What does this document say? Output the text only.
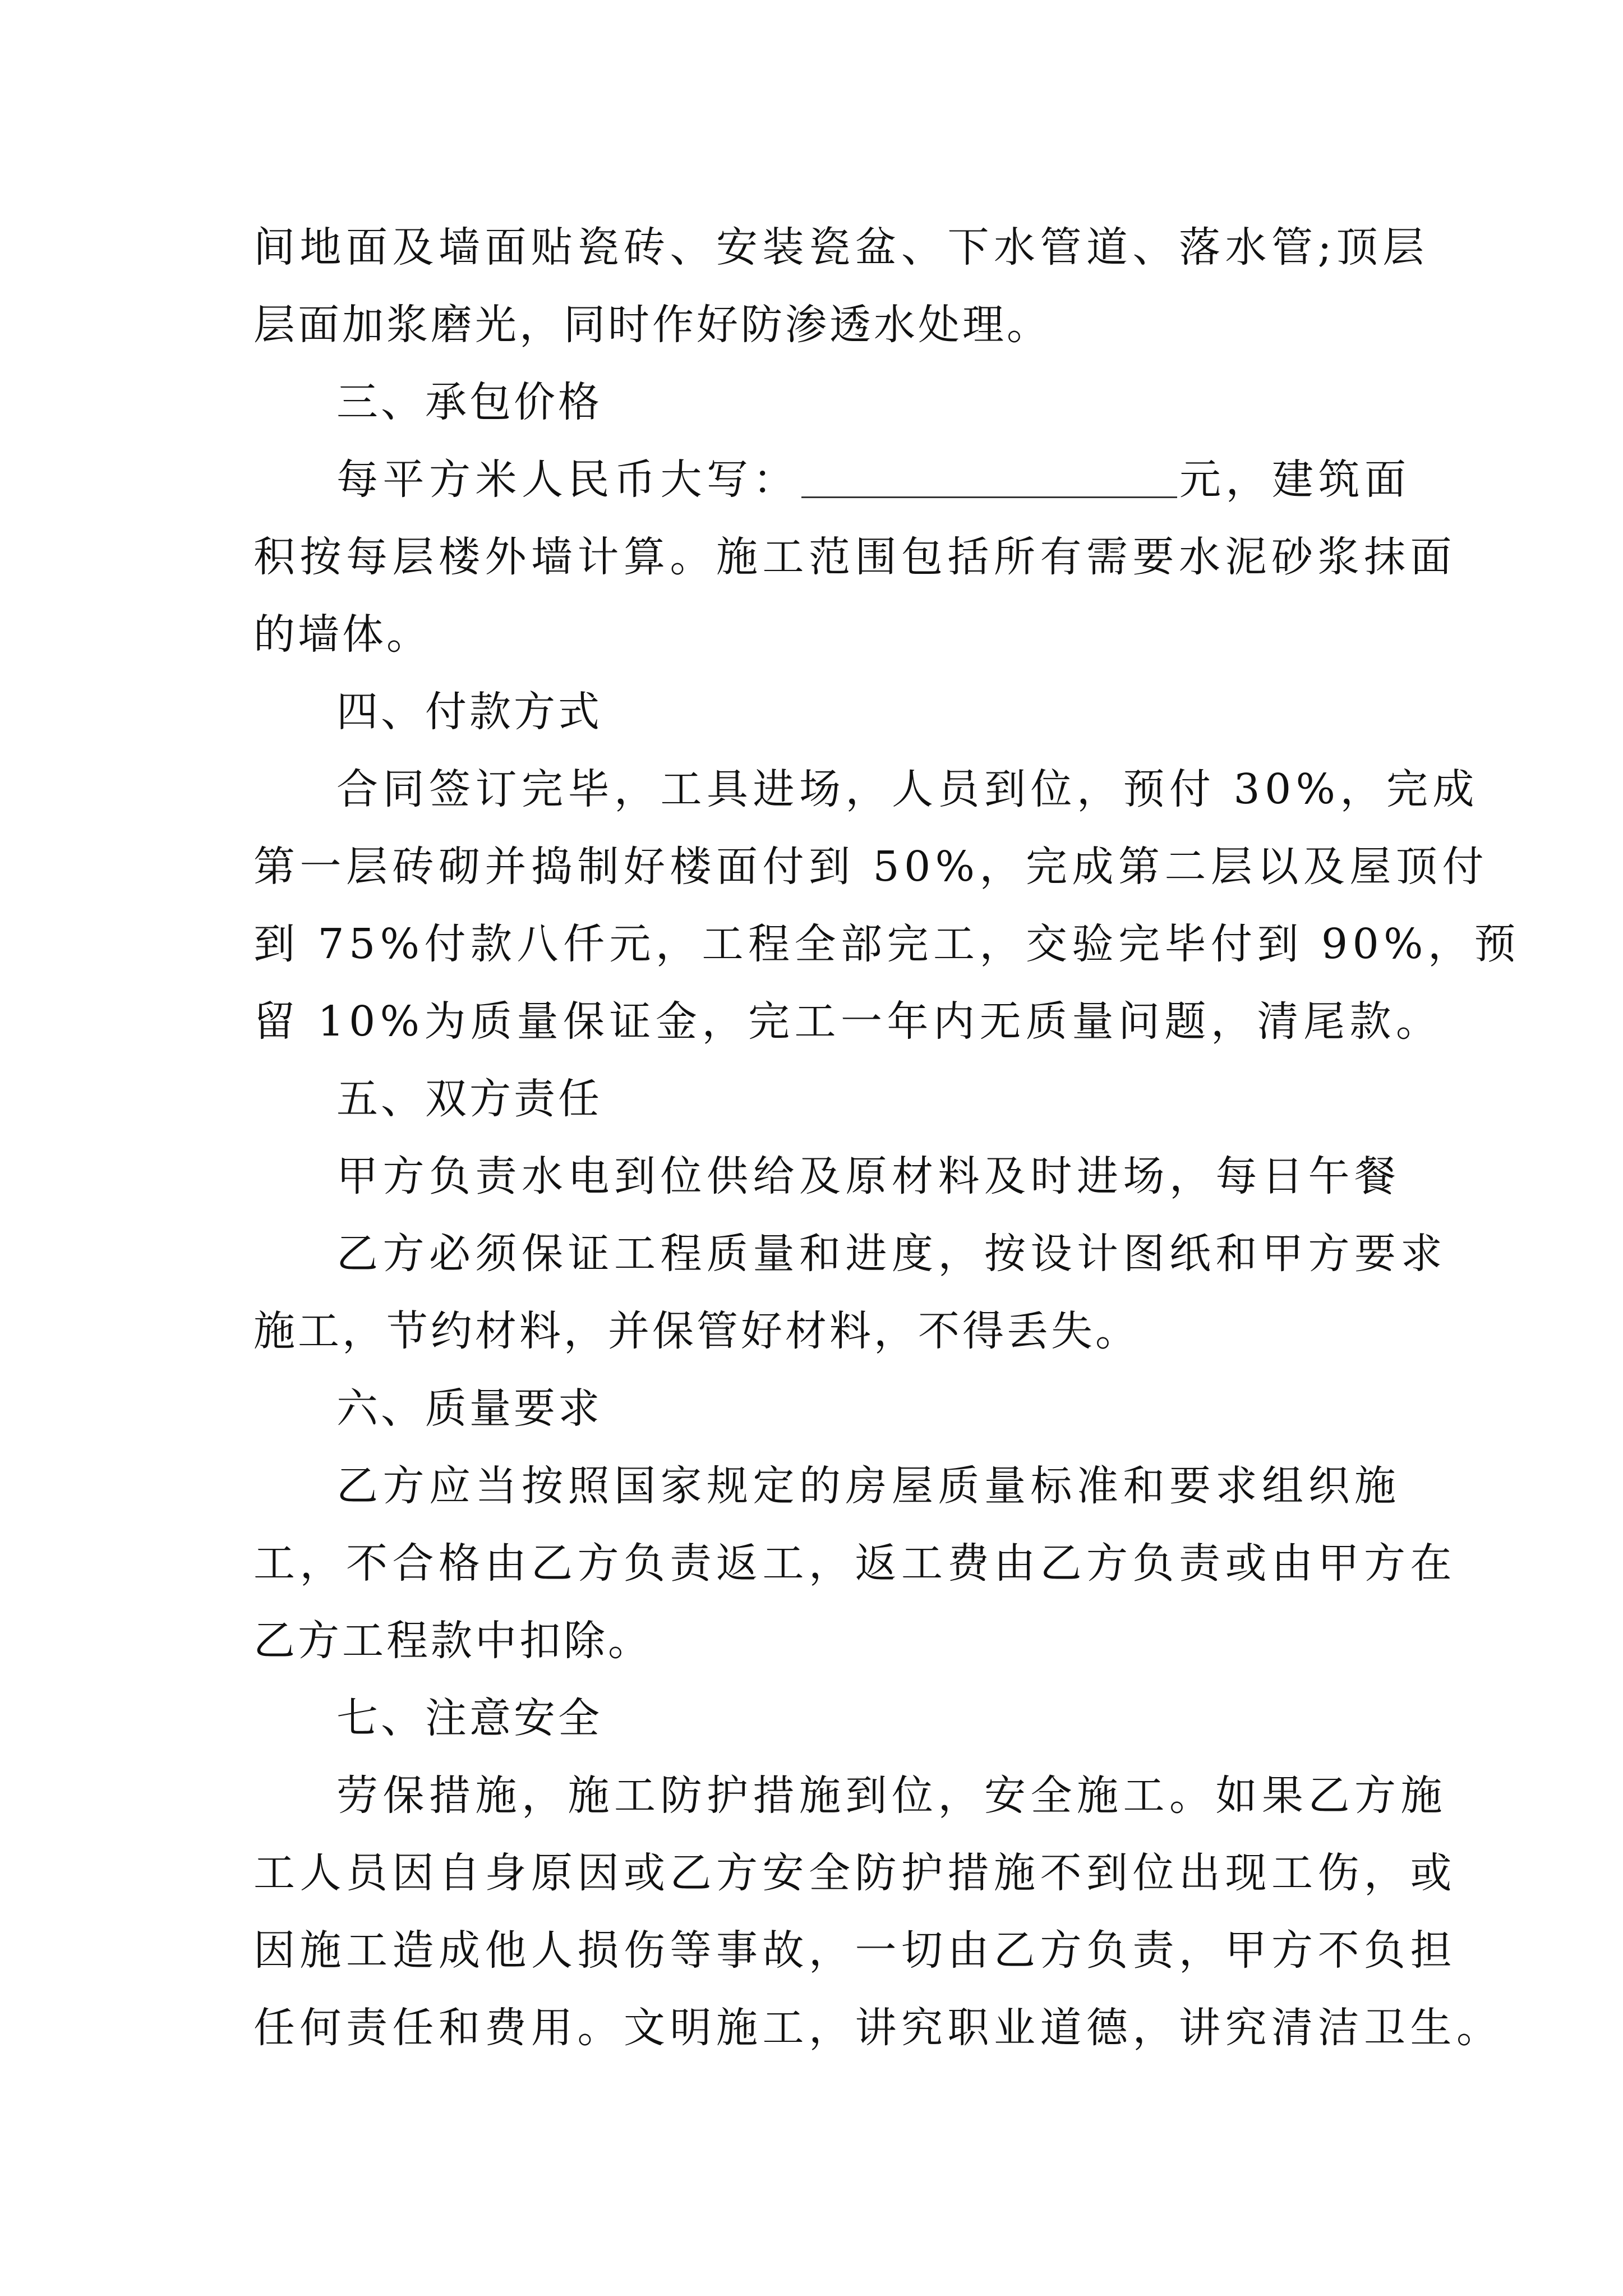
间地面及墙面贴瓷砖、安装瓷盆、下水管道、落水管;顶层
层面加浆磨光，同时作好防渗透水处理。
三、承包价格
每平方米人民币大写：	元，建筑面
积按每层楼外墙计算。施工范围包括所有需要水泥砂浆抹面
的墙体。
四、付款方式
合同签订完毕，工具进场，人员到位，预付 30%，完成
第一层砖砌并捣制好楼面付到 50%，完成第二层以及屋顶付
到 75%付款八仟元，工程全部完工，交验完毕付到 90%，预
留 10%为质量保证金，完工一年内无质量问题，清尾款。
五、双方责任
甲方负责水电到位供给及原材料及时进场，每日午餐
乙方必须保证工程质量和进度，按设计图纸和甲方要求
施工，节约材料，并保管好材料，不得丢失。
六、质量要求
乙方应当按照国家规定的房屋质量标准和要求组织施
工，不合格由乙方负责返工，返工费由乙方负责或由甲方在
乙方工程款中扣除。
七、注意安全
劳保措施，施工防护措施到位，安全施工。如果乙方施
工人员因自身原因或乙方安全防护措施不到位出现工伤，或
因施工造成他人损伤等事故，一切由乙方负责，甲方不负担
任何责任和费用。文明施工，讲究职业道德，讲究清洁卫生。
